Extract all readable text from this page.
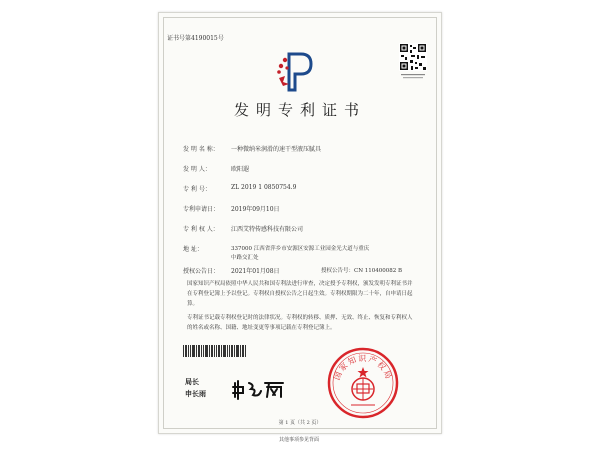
证书号第4190015号
发明专利证书
发 明 名 称： 一种微纳米润滑的速干型液压腻具
发 明 人：	欧阳遐
专 利 号：	ZL 2019 1 0850754.9
专利申请日： 2019年09月10日
专 利 权 人： 江西艾特传感科技有限公司
地 址：	337000 江西省萍乡市安源区安源工业园金光大道与重庆
中路交汇处
授权公告日： 2021年01月08日	授权公告号：CN 110400082 B
国家知识产权局依照中华人民共和国专利法进行审查，决定授予专利权，颁发发明专利证书并在专利登记簿上予以登记。专利权自授权公告之日起生效。专利权期限为二十年，自申请日起算。
专利证书记载专利权登记时的法律状况。专利权的转移、质押、无效、终止、恢复和专利权人的姓名或名称、国籍、地址变更等事项记载在专利登记簿上。
局长
申长雨
国家知识产权局
第 1 页（共 2 页）
其他事项参见背面
